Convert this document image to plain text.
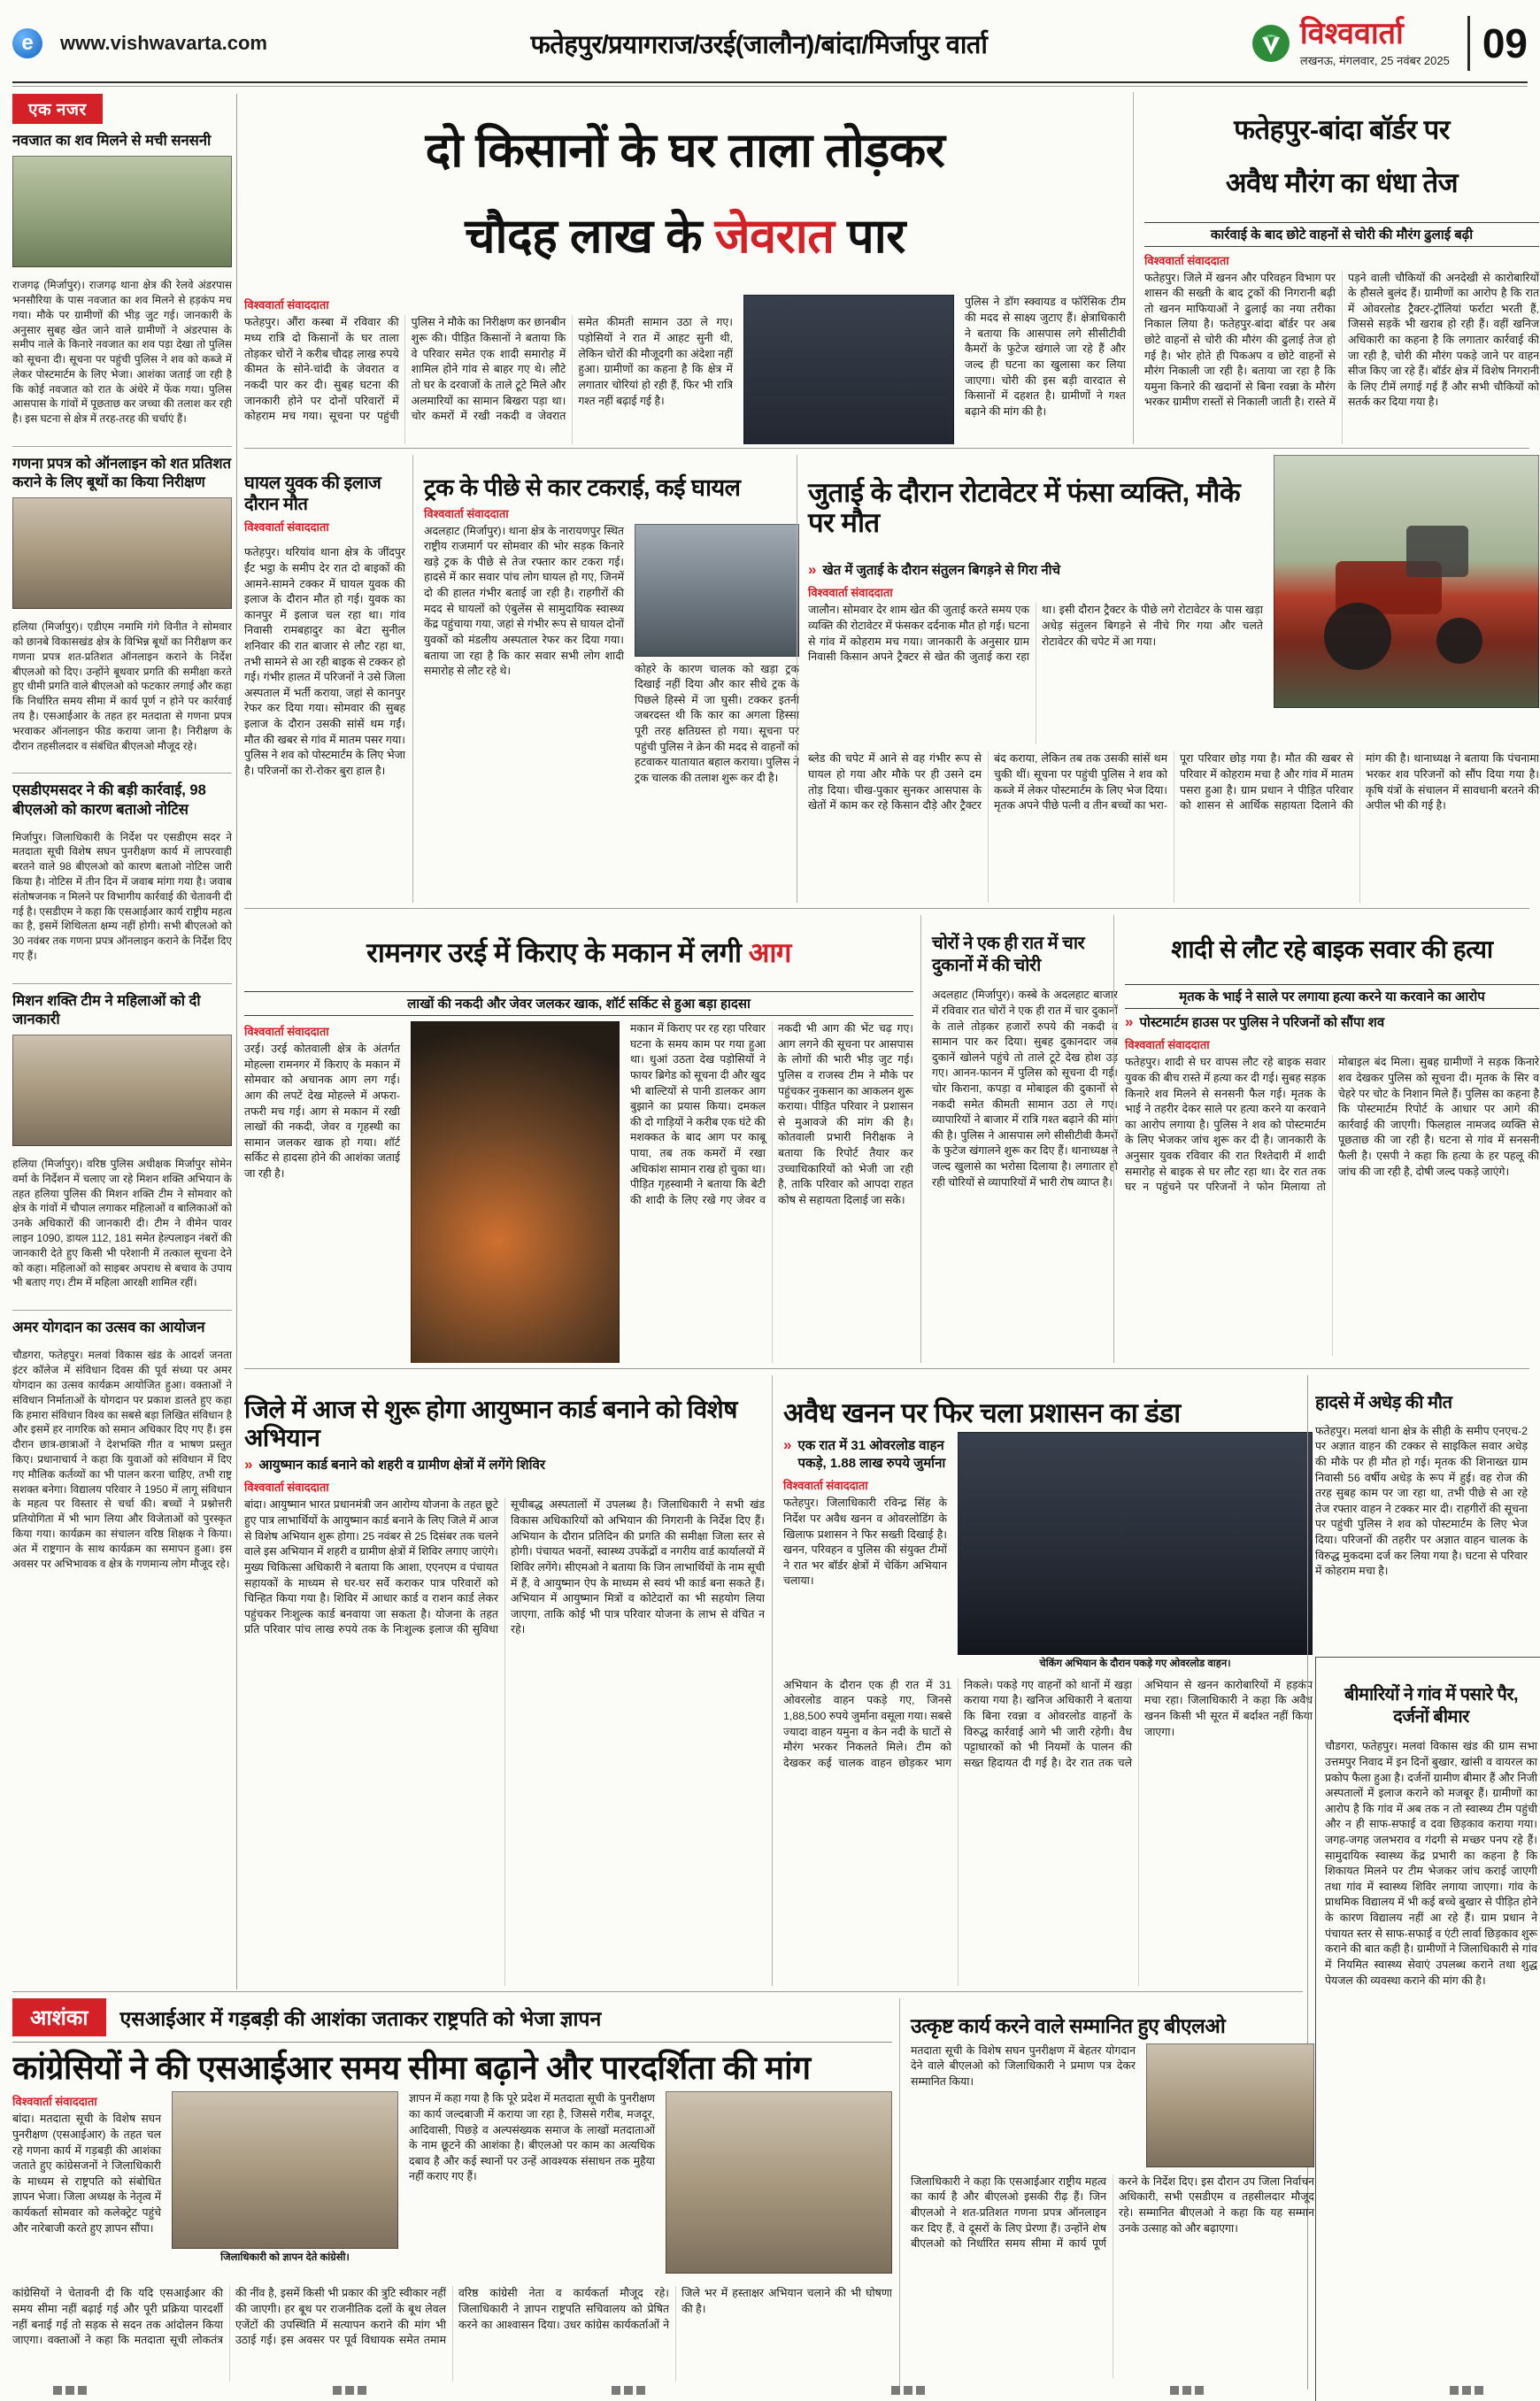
e www.vishwavarta.com	फतेहपुर/प्रयागराज/उरई(जालौन)/बांदा/मिर्जापुर वार्ता	विश्ववार्ता
लखनऊ, मंगलवार, 25 नवंबर 2025 09
एक नजर
नवजात का शव मिलने से मची सनसनी

राजगढ़ (मिर्जापुर)। राजगढ़ थाना क्षेत्र की रेलवे अंडरपास भनसौरिया के पास नवजात का शव मिलने से हड़कंप मच गया। मौके पर ग्रामीणों की भीड़ जुट गई। जानकारी के अनुसार सुबह खेत जाने वाले ग्रामीणों ने अंडरपास के समीप नाले के किनारे नवजात का शव पड़ा देखा तो पुलिस को सूचना दी। सूचना पर पहुंची पुलिस ने शव को कब्जे में लेकर पोस्टमार्टम के लिए भेजा। आशंका जताई जा रही है कि कोई नवजात को रात के अंधेरे में फेंक गया। पुलिस आसपास के गांवों में पूछताछ कर जच्चा की तलाश कर रही है। इस घटना से क्षेत्र में तरह-तरह की चर्चाएं हैं।

गणना प्रपत्र को ऑनलाइन को शत प्रतिशत कराने के लिए बूथों का किया निरीक्षण

हलिया (मिर्जापुर)। एडीएम नमामि गंगे विनीत ने सोमवार को छानबे विकासखंड क्षेत्र के विभिन्न बूथों का निरीक्षण कर गणना प्रपत्र शत-प्रतिशत ऑनलाइन कराने के निर्देश बीएलओ को दिए। उन्होंने बूथवार प्रगति की समीक्षा करते हुए धीमी प्रगति वाले बीएलओ को फटकार लगाई और कहा कि निर्धारित समय सीमा में कार्य पूर्ण न होने पर कार्रवाई तय है। एसआईआर के तहत हर मतदाता से गणना प्रपत्र भरवाकर ऑनलाइन फीड कराया जाना है। निरीक्षण के दौरान तहसीलदार व संबंधित बीएलओ मौजूद रहे।

एसडीएमसदर ने की बड़ी कार्रवाई, 98 बीएलओ को कारण बताओ नोटिस

मिर्जापुर। जिलाधिकारी के निर्देश पर एसडीएम सदर ने मतदाता सूची विशेष सघन पुनरीक्षण कार्य में लापरवाही बरतने वाले 98 बीएलओ को कारण बताओ नोटिस जारी किया है। नोटिस में तीन दिन में जवाब मांगा गया है। जवाब संतोषजनक न मिलने पर विभागीय कार्रवाई की चेतावनी दी गई है। एसडीएम ने कहा कि एसआईआर कार्य राष्ट्रीय महत्व का है, इसमें शिथिलता क्षम्य नहीं होगी। सभी बीएलओ को 30 नवंबर तक गणना प्रपत्र ऑनलाइन कराने के निर्देश दिए गए हैं।

मिशन शक्ति टीम ने महिलाओं को दी जानकारी

हलिया (मिर्जापुर)। वरिष्ठ पुलिस अधीक्षक मिर्जापुर सोमेन वर्मा के निर्देशन में चलाए जा रहे मिशन शक्ति अभियान के तहत हलिया पुलिस की मिशन शक्ति टीम ने सोमवार को क्षेत्र के गांवों में चौपाल लगाकर महिलाओं व बालिकाओं को उनके अधिकारों की जानकारी दी। टीम ने वीमेन पावर लाइन 1090, डायल 112, 181 समेत हेल्पलाइन नंबरों की जानकारी देते हुए किसी भी परेशानी में तत्काल सूचना देने को कहा। महिलाओं को साइबर अपराध से बचाव के उपाय भी बताए गए। टीम में महिला आरक्षी शामिल रहीं।

अमर योगदान का उत्सव का आयोजन

चौडगरा, फतेहपुर। मलवां विकास खंड के आदर्श जनता इंटर कॉलेज में संविधान दिवस की पूर्व संध्या पर अमर योगदान का उत्सव कार्यक्रम आयोजित हुआ। वक्ताओं ने संविधान निर्माताओं के योगदान पर प्रकाश डालते हुए कहा कि हमारा संविधान विश्व का सबसे बड़ा लिखित संविधान है और इसमें हर नागरिक को समान अधिकार दिए गए हैं। इस दौरान छात्र-छात्राओं ने देशभक्ति गीत व भाषण प्रस्तुत किए। प्रधानाचार्य ने कहा कि युवाओं को संविधान में दिए गए मौलिक कर्तव्यों का भी पालन करना चाहिए, तभी राष्ट्र सशक्त बनेगा। विद्यालय परिवार ने 1950 में लागू संविधान के महत्व पर विस्तार से चर्चा की। बच्चों ने प्रश्नोत्तरी प्रतियोगिता में भी भाग लिया और विजेताओं को पुरस्कृत किया गया। कार्यक्रम का संचालन वरिष्ठ शिक्षक ने किया। अंत में राष्ट्रगान के साथ कार्यक्रम का समापन हुआ। इस अवसर पर अभिभावक व क्षेत्र के गणमान्य लोग मौजूद रहे।

दो किसानों के घर ताला तोड़कर
चौदह लाख के जेवरात पार
विश्ववार्ता संवाददाता
फतेहपुर। औंरा कस्बा में रविवार की मध्य रात्रि दो किसानों के घर ताला तोड़कर चोरों ने करीब चौदह लाख रुपये कीमत के सोने-चांदी के जेवरात व नकदी पार कर दी। सुबह घटना की जानकारी होने पर दोनों परिवारों में कोहराम मच गया। सूचना पर पहुंची पुलिस ने मौके का निरीक्षण कर छानबीन शुरू की। पीड़ित किसानों ने बताया कि वे परिवार समेत एक शादी समारोह में शामिल होने गांव से बाहर गए थे। लौटे तो घर के दरवाजों के ताले टूटे मिले और अलमारियों का सामान बिखरा पड़ा था। चोर कमरों में रखी नकदी व जेवरात समेत कीमती सामान उठा ले गए। पड़ोसियों ने रात में आहट सुनी थी, लेकिन चोरों की मौजूदगी का अंदेशा नहीं हुआ। ग्रामीणों का कहना है कि क्षेत्र में लगातार चोरियां हो रही हैं, फिर भी रात्रि गश्त नहीं बढ़ाई गई है।
पुलिस ने डॉग स्क्वायड व फॉरेंसिक टीम की मदद से साक्ष्य जुटाए हैं। क्षेत्राधिकारी ने बताया कि आसपास लगे सीसीटीवी कैमरों के फुटेज खंगाले जा रहे हैं और जल्द ही घटना का खुलासा कर लिया जाएगा। चोरी की इस बड़ी वारदात से किसानों में दहशत है। ग्रामीणों ने गश्त बढ़ाने की मांग की है।
फतेहपुर-बांदा बॉर्डर पर
अवैध मौरंग का धंधा तेज
कार्रवाई के बाद छोटे वाहनों से चोरी की मौरंग ढुलाई बढ़ी
विश्ववार्ता संवाददाता
फतेहपुर। जिले में खनन और परिवहन विभाग पर शासन की सख्ती के बाद ट्रकों की निगरानी बढ़ी तो खनन माफियाओं ने ढुलाई का नया तरीका निकाल लिया है। फतेहपुर-बांदा बॉर्डर पर अब छोटे वाहनों से चोरी की मौरंग की ढुलाई तेज हो गई है। भोर होते ही पिकअप व छोटे वाहनों से मौरंग निकाली जा रही है। बताया जा रहा है कि यमुना किनारे की खदानों से बिना रवन्ना के मौरंग भरकर ग्रामीण रास्तों से निकाली जाती है। रास्ते में पड़ने वाली चौकियों की अनदेखी से कारोबारियों के हौसले बुलंद हैं। ग्रामीणों का आरोप है कि रात में ओवरलोड ट्रैक्टर-ट्रॉलियां फर्राटा भरती हैं, जिससे सड़कें भी खराब हो रही हैं। वहीं खनिज अधिकारी का कहना है कि लगातार कार्रवाई की जा रही है, चोरी की मौरंग पकड़े जाने पर वाहन सीज किए जा रहे हैं। बॉर्डर क्षेत्र में विशेष निगरानी के लिए टीमें लगाई गई हैं और सभी चौकियों को सतर्क कर दिया गया है।
घायल युवक की इलाज दौरान मौत
विश्ववार्ता संवाददाता

फतेहपुर। थरियांव थाना क्षेत्र के जींदपुर ईंट भट्ठा के समीप देर रात दो बाइकों की आमने-सामने टक्कर में घायल युवक की इलाज के दौरान मौत हो गई। युवक का कानपुर में इलाज चल रहा था। गांव निवासी रामबहादुर का बेटा सुनील शनिवार की रात बाजार से लौट रहा था, तभी सामने से आ रही बाइक से टक्कर हो गई। गंभीर हालत में परिजनों ने उसे जिला अस्पताल में भर्ती कराया, जहां से कानपुर रेफर कर दिया गया। सोमवार की सुबह इलाज के दौरान उसकी सांसें थम गईं। मौत की खबर से गांव में मातम पसर गया। पुलिस ने शव को पोस्टमार्टम के लिए भेजा है। परिजनों का रो-रोकर बुरा हाल है।

ट्रक के पीछे से कार टकराई, कई घायल
विश्ववार्ता संवाददाता
अदलहाट (मिर्जापुर)। थाना क्षेत्र के नारायणपुर स्थित राष्ट्रीय राजमार्ग पर सोमवार की भोर सड़क किनारे खड़े ट्रक के पीछे से तेज रफ्तार कार टकरा गई। हादसे में कार सवार पांच लोग घायल हो गए, जिनमें दो की हालत गंभीर बताई जा रही है। राहगीरों की मदद से घायलों को एंबुलेंस से सामुदायिक स्वास्थ्य केंद्र पहुंचाया गया, जहां से गंभीर रूप से घायल दोनों युवकों को मंडलीय अस्पताल रेफर कर दिया गया। बताया जा रहा है कि कार सवार सभी लोग शादी समारोह से लौट रहे थे।	कोहरे के कारण चालक को खड़ा ट्रक दिखाई नहीं दिया और कार सीधे ट्रक के पिछले हिस्से में जा घुसी। टक्कर इतनी जबरदस्त थी कि कार का अगला हिस्सा पूरी तरह क्षतिग्रस्त हो गया। सूचना पर पहुंची पुलिस ने क्रेन की मदद से वाहनों को हटवाकर यातायात बहाल कराया। पुलिस ने ट्रक चालक की तलाश शुरू कर दी है।
जुताई के दौरान रोटावेटर में फंसा व्यक्ति, मौके पर मौत
» खेत में जुताई के दौरान संतुलन बिगड़ने से गिरा नीचे
विश्ववार्ता संवाददाता
जालौन। सोमवार देर शाम खेत की जुताई करते समय एक व्यक्ति की रोटावेटर में फंसकर दर्दनाक मौत हो गई। घटना से गांव में कोहराम मच गया। जानकारी के अनुसार ग्राम निवासी किसान अपने ट्रैक्टर से खेत की जुताई करा रहा था। इसी दौरान ट्रैक्टर के पीछे लगे रोटावेटर के पास खड़ा अधेड़ संतुलन बिगड़ने से नीचे गिर गया और चलते रोटावेटर की चपेट में आ गया।
ब्लेड की चपेट में आने से वह गंभीर रूप से घायल हो गया और मौके पर ही उसने दम तोड़ दिया। चीख-पुकार सुनकर आसपास के खेतों में काम कर रहे किसान दौड़े और ट्रैक्टर बंद कराया, लेकिन तब तक उसकी सांसें थम चुकी थीं। सूचना पर पहुंची पुलिस ने शव को कब्जे में लेकर पोस्टमार्टम के लिए भेज दिया। मृतक अपने पीछे पत्नी व तीन बच्चों का भरा-पूरा परिवार छोड़ गया है। मौत की खबर से परिवार में कोहराम मचा है और गांव में मातम पसरा हुआ है। ग्राम प्रधान ने पीड़ित परिवार को शासन से आर्थिक सहायता दिलाने की मांग की है। थानाध्यक्ष ने बताया कि पंचनामा भरकर शव परिजनों को सौंप दिया गया है। कृषि यंत्रों के संचालन में सावधानी बरतने की अपील भी की गई है।
रामनगर उरई में किराए के मकान में लगी आग
लाखों की नकदी और जेवर जलकर खाक, शॉर्ट सर्किट से हुआ बड़ा हादसा
विश्ववार्ता संवाददाता
उरई। उरई कोतवाली क्षेत्र के अंतर्गत मोहल्ला रामनगर में किराए के मकान में सोमवार को अचानक आग लग गई। आग की लपटें देख मोहल्ले में अफरा-तफरी मच गई। आग से मकान में रखी लाखों की नकदी, जेवर व गृहस्थी का सामान जलकर खाक हो गया। शॉर्ट सर्किट से हादसा होने की आशंका जताई जा रही है।
मकान में किराए पर रह रहा परिवार घटना के समय काम पर गया हुआ था। धुआं उठता देख पड़ोसियों ने फायर ब्रिगेड को सूचना दी और खुद भी बाल्टियों से पानी डालकर आग बुझाने का प्रयास किया। दमकल की दो गाड़ियों ने करीब एक घंटे की मशक्कत के बाद आग पर काबू पाया, तब तक कमरों में रखा अधिकांश सामान राख हो चुका था। पीड़ित गृहस्वामी ने बताया कि बेटी की शादी के लिए रखे गए जेवर व नकदी भी आग की भेंट चढ़ गए। आग लगने की सूचना पर आसपास के लोगों की भारी भीड़ जुट गई। पुलिस व राजस्व टीम ने मौके पर पहुंचकर नुकसान का आकलन शुरू कराया। पीड़ित परिवार ने प्रशासन से मुआवजे की मांग की है। कोतवाली प्रभारी निरीक्षक ने बताया कि रिपोर्ट तैयार कर उच्चाधिकारियों को भेजी जा रही है, ताकि परिवार को आपदा राहत कोष से सहायता दिलाई जा सके।
चोरों ने एक ही रात में चार दुकानों में की चोरी

अदलहाट (मिर्जापुर)। कस्बे के अदलहाट बाजार में रविवार रात चोरों ने एक ही रात में चार दुकानों के ताले तोड़कर हजारों रुपये की नकदी व सामान पार कर दिया। सुबह दुकानदार जब दुकानें खोलने पहुंचे तो ताले टूटे देख होश उड़ गए। आनन-फानन में पुलिस को सूचना दी गई। चोर किराना, कपड़ा व मोबाइल की दुकानों से नकदी समेत कीमती सामान उठा ले गए। व्यापारियों ने बाजार में रात्रि गश्त बढ़ाने की मांग की है। पुलिस ने आसपास लगे सीसीटीवी कैमरों के फुटेज खंगालने शुरू कर दिए हैं। थानाध्यक्ष ने जल्द खुलासे का भरोसा दिलाया है। लगातार हो रही चोरियों से व्यापारियों में भारी रोष व्याप्त है।

शादी से लौट रहे बाइक सवार की हत्या
मृतक के भाई ने साले पर लगाया हत्या करने या करवाने का आरोप
» पोस्टमार्टम हाउस पर पुलिस ने परिजनों को सौंपा शव
विश्ववार्ता संवाददाता
फतेहपुर। शादी से घर वापस लौट रहे बाइक सवार युवक की बीच रास्ते में हत्या कर दी गई। सुबह सड़क किनारे शव मिलने से सनसनी फैल गई। मृतक के भाई ने तहरीर देकर साले पर हत्या करने या करवाने का आरोप लगाया है। पुलिस ने शव को पोस्टमार्टम के लिए भेजकर जांच शुरू कर दी है। जानकारी के अनुसार युवक रविवार की रात रिश्तेदारी में शादी समारोह से बाइक से घर लौट रहा था। देर रात तक घर न पहुंचने पर परिजनों ने फोन मिलाया तो मोबाइल बंद मिला। सुबह ग्रामीणों ने सड़क किनारे शव देखकर पुलिस को सूचना दी। मृतक के सिर व चेहरे पर चोट के निशान मिले हैं। पुलिस का कहना है कि पोस्टमार्टम रिपोर्ट के आधार पर आगे की कार्रवाई की जाएगी। फिलहाल नामजद व्यक्ति से पूछताछ की जा रही है। घटना से गांव में सनसनी फैली है। एसपी ने कहा कि हत्या के हर पहलू की जांच की जा रही है, दोषी जल्द पकड़े जाएंगे।
जिले में आज से शुरू होगा आयुष्मान कार्ड बनाने को विशेष अभियान
» आयुष्मान कार्ड बनाने को शहरी व ग्रामीण क्षेत्रों में लगेंगे शिविर
विश्ववार्ता संवाददाता
बांदा। आयुष्मान भारत प्रधानमंत्री जन आरोग्य योजना के तहत छूटे हुए पात्र लाभार्थियों के आयुष्मान कार्ड बनाने के लिए जिले में आज से विशेष अभियान शुरू होगा। 25 नवंबर से 25 दिसंबर तक चलने वाले इस अभियान में शहरी व ग्रामीण क्षेत्रों में शिविर लगाए जाएंगे। मुख्य चिकित्सा अधिकारी ने बताया कि आशा, एएनएम व पंचायत सहायकों के माध्यम से घर-घर सर्वे कराकर पात्र परिवारों को चिन्हित किया गया है। शिविर में आधार कार्ड व राशन कार्ड लेकर पहुंचकर निःशुल्क कार्ड बनवाया जा सकता है। योजना के तहत प्रति परिवार पांच लाख रुपये तक के निःशुल्क इलाज की सुविधा सूचीबद्ध अस्पतालों में उपलब्ध है। जिलाधिकारी ने सभी खंड विकास अधिकारियों को अभियान की निगरानी के निर्देश दिए हैं। अभियान के दौरान प्रतिदिन की प्रगति की समीक्षा जिला स्तर से होगी। पंचायत भवनों, स्वास्थ्य उपकेंद्रों व नगरीय वार्ड कार्यालयों में शिविर लगेंगे। सीएमओ ने बताया कि जिन लाभार्थियों के नाम सूची में हैं, वे आयुष्मान ऐप के माध्यम से स्वयं भी कार्ड बना सकते हैं। अभियान में आयुष्मान मित्रों व कोटेदारों का भी सहयोग लिया जाएगा, ताकि कोई भी पात्र परिवार योजना के लाभ से वंचित न रहे।
अवैध खनन पर फिर चला प्रशासन का डंडा
» एक रात में 31 ओवरलोड वाहन पकड़े, 1.88 लाख रुपये जुर्माना
विश्ववार्ता संवाददाता
फतेहपुर। जिलाधिकारी रविन्द्र सिंह के निर्देश पर अवैध खनन व ओवरलोडिंग के खिलाफ प्रशासन ने फिर सख्ती दिखाई है। खनन, परिवहन व पुलिस की संयुक्त टीमों ने रात भर बॉर्डर क्षेत्रों में चेकिंग अभियान चलाया।
चेकिंग अभियान के दौरान पकड़े गए ओवरलोड वाहन।
अभियान के दौरान एक ही रात में 31 ओवरलोड वाहन पकड़े गए, जिनसे 1,88,500 रुपये जुर्माना वसूला गया। सबसे ज्यादा वाहन यमुना व केन नदी के घाटों से मौरंग भरकर निकलते मिले। टीम को देखकर कई चालक वाहन छोड़कर भाग निकले। पकड़े गए वाहनों को थानों में खड़ा कराया गया है। खनिज अधिकारी ने बताया कि बिना रवन्ना व ओवरलोड वाहनों के विरुद्ध कार्रवाई आगे भी जारी रहेगी। वैध पट्टाधारकों को भी नियमों के पालन की सख्त हिदायत दी गई है। देर रात तक चले अभियान से खनन कारोबारियों में हड़कंप मचा रहा। जिलाधिकारी ने कहा कि अवैध खनन किसी भी सूरत में बर्दाश्त नहीं किया जाएगा।
हादसे में अधेड़ की मौत

फतेहपुर। मलवां थाना क्षेत्र के सीही के समीप एनएच-2 पर अज्ञात वाहन की टक्कर से साइकिल सवार अधेड़ की मौके पर ही मौत हो गई। मृतक की शिनाख्त ग्राम निवासी 56 वर्षीय अधेड़ के रूप में हुई। वह रोज की तरह सुबह काम पर जा रहा था, तभी पीछे से आ रहे तेज रफ्तार वाहन ने टक्कर मार दी। राहगीरों की सूचना पर पहुंची पुलिस ने शव को पोस्टमार्टम के लिए भेज दिया। परिजनों की तहरीर पर अज्ञात वाहन चालक के विरुद्ध मुकदमा दर्ज कर लिया गया है। घटना से परिवार में कोहराम मचा है।

बीमारियों ने गांव में पसारे पैर, दर्जनों बीमार

चौडगरा, फतेहपुर। मलवां विकास खंड की ग्राम सभा उत्तमपुर निवाद में इन दिनों बुखार, खांसी व वायरल का प्रकोप फैला हुआ है। दर्जनों ग्रामीण बीमार हैं और निजी अस्पतालों में इलाज कराने को मजबूर हैं। ग्रामीणों का आरोप है कि गांव में अब तक न तो स्वास्थ्य टीम पहुंची और न ही साफ-सफाई व दवा छिड़काव कराया गया। जगह-जगह जलभराव व गंदगी से मच्छर पनप रहे हैं। सामुदायिक स्वास्थ्य केंद्र प्रभारी का कहना है कि शिकायत मिलने पर टीम भेजकर जांच कराई जाएगी तथा गांव में स्वास्थ्य शिविर लगाया जाएगा। गांव के प्राथमिक विद्यालय में भी कई बच्चे बुखार से पीड़ित होने के कारण विद्यालय नहीं आ रहे हैं। ग्राम प्रधान ने पंचायत स्तर से साफ-सफाई व एंटी लार्वा छिड़काव शुरू कराने की बात कही है। ग्रामीणों ने जिलाधिकारी से गांव में नियमित स्वास्थ्य सेवाएं उपलब्ध कराने तथा शुद्ध पेयजल की व्यवस्था कराने की मांग की है।

आशंका	एसआईआर में गड़बड़ी की आशंका जताकर राष्ट्रपति को भेजा ज्ञापन
कांग्रेसियों ने की एसआईआर समय सीमा बढ़ाने और पारदर्शिता की मांग
विश्ववार्ता संवाददाता
बांदा। मतदाता सूची के विशेष सघन पुनरीक्षण (एसआईआर) के तहत चल रहे गणना कार्य में गड़बड़ी की आशंका जताते हुए कांग्रेसजनों ने जिलाधिकारी के माध्यम से राष्ट्रपति को संबोधित ज्ञापन भेजा। जिला अध्यक्ष के नेतृत्व में कार्यकर्ता सोमवार को कलेक्ट्रेट पहुंचे और नारेबाजी करते हुए ज्ञापन सौंपा।
जिलाधिकारी को ज्ञापन देते कांग्रेसी।
ज्ञापन में कहा गया है कि पूरे प्रदेश में मतदाता सूची के पुनरीक्षण का कार्य जल्दबाजी में कराया जा रहा है, जिससे गरीब, मजदूर, आदिवासी, पिछड़े व अल्पसंख्यक समाज के लाखों मतदाताओं के नाम छूटने की आशंका है। बीएलओ पर काम का अत्यधिक दबाव है और कई स्थानों पर उन्हें आवश्यक संसाधन तक मुहैया नहीं कराए गए हैं।
कांग्रेसियों ने चेतावनी दी कि यदि एसआईआर की समय सीमा नहीं बढ़ाई गई और पूरी प्रक्रिया पारदर्शी नहीं बनाई गई तो सड़क से सदन तक आंदोलन किया जाएगा। वक्ताओं ने कहा कि मतदाता सूची लोकतंत्र की नींव है, इसमें किसी भी प्रकार की त्रुटि स्वीकार नहीं की जाएगी। हर बूथ पर राजनीतिक दलों के बूथ लेवल एजेंटों की उपस्थिति में सत्यापन कराने की मांग भी उठाई गई। इस अवसर पर पूर्व विधायक समेत तमाम वरिष्ठ कांग्रेसी नेता व कार्यकर्ता मौजूद रहे। जिलाधिकारी ने ज्ञापन राष्ट्रपति सचिवालय को प्रेषित करने का आश्वासन दिया। उधर कांग्रेस कार्यकर्ताओं ने जिले भर में हस्ताक्षर अभियान चलाने की भी घोषणा की है।
उत्कृष्ट कार्य करने वाले सम्मानित हुए बीएलओ
मतदाता सूची के विशेष सघन पुनरीक्षण में बेहतर योगदान देने वाले बीएलओ को जिलाधिकारी ने प्रमाण पत्र देकर सम्मानित किया।
जिलाधिकारी ने कहा कि एसआईआर राष्ट्रीय महत्व का कार्य है और बीएलओ इसकी रीढ़ हैं। जिन बीएलओ ने शत-प्रतिशत गणना प्रपत्र ऑनलाइन कर दिए हैं, वे दूसरों के लिए प्रेरणा हैं। उन्होंने शेष बीएलओ को निर्धारित समय सीमा में कार्य पूर्ण करने के निर्देश दिए। इस दौरान उप जिला निर्वाचन अधिकारी, सभी एसडीएम व तहसीलदार मौजूद रहे। सम्मानित बीएलओ ने कहा कि यह सम्मान उनके उत्साह को और बढ़ाएगा।
